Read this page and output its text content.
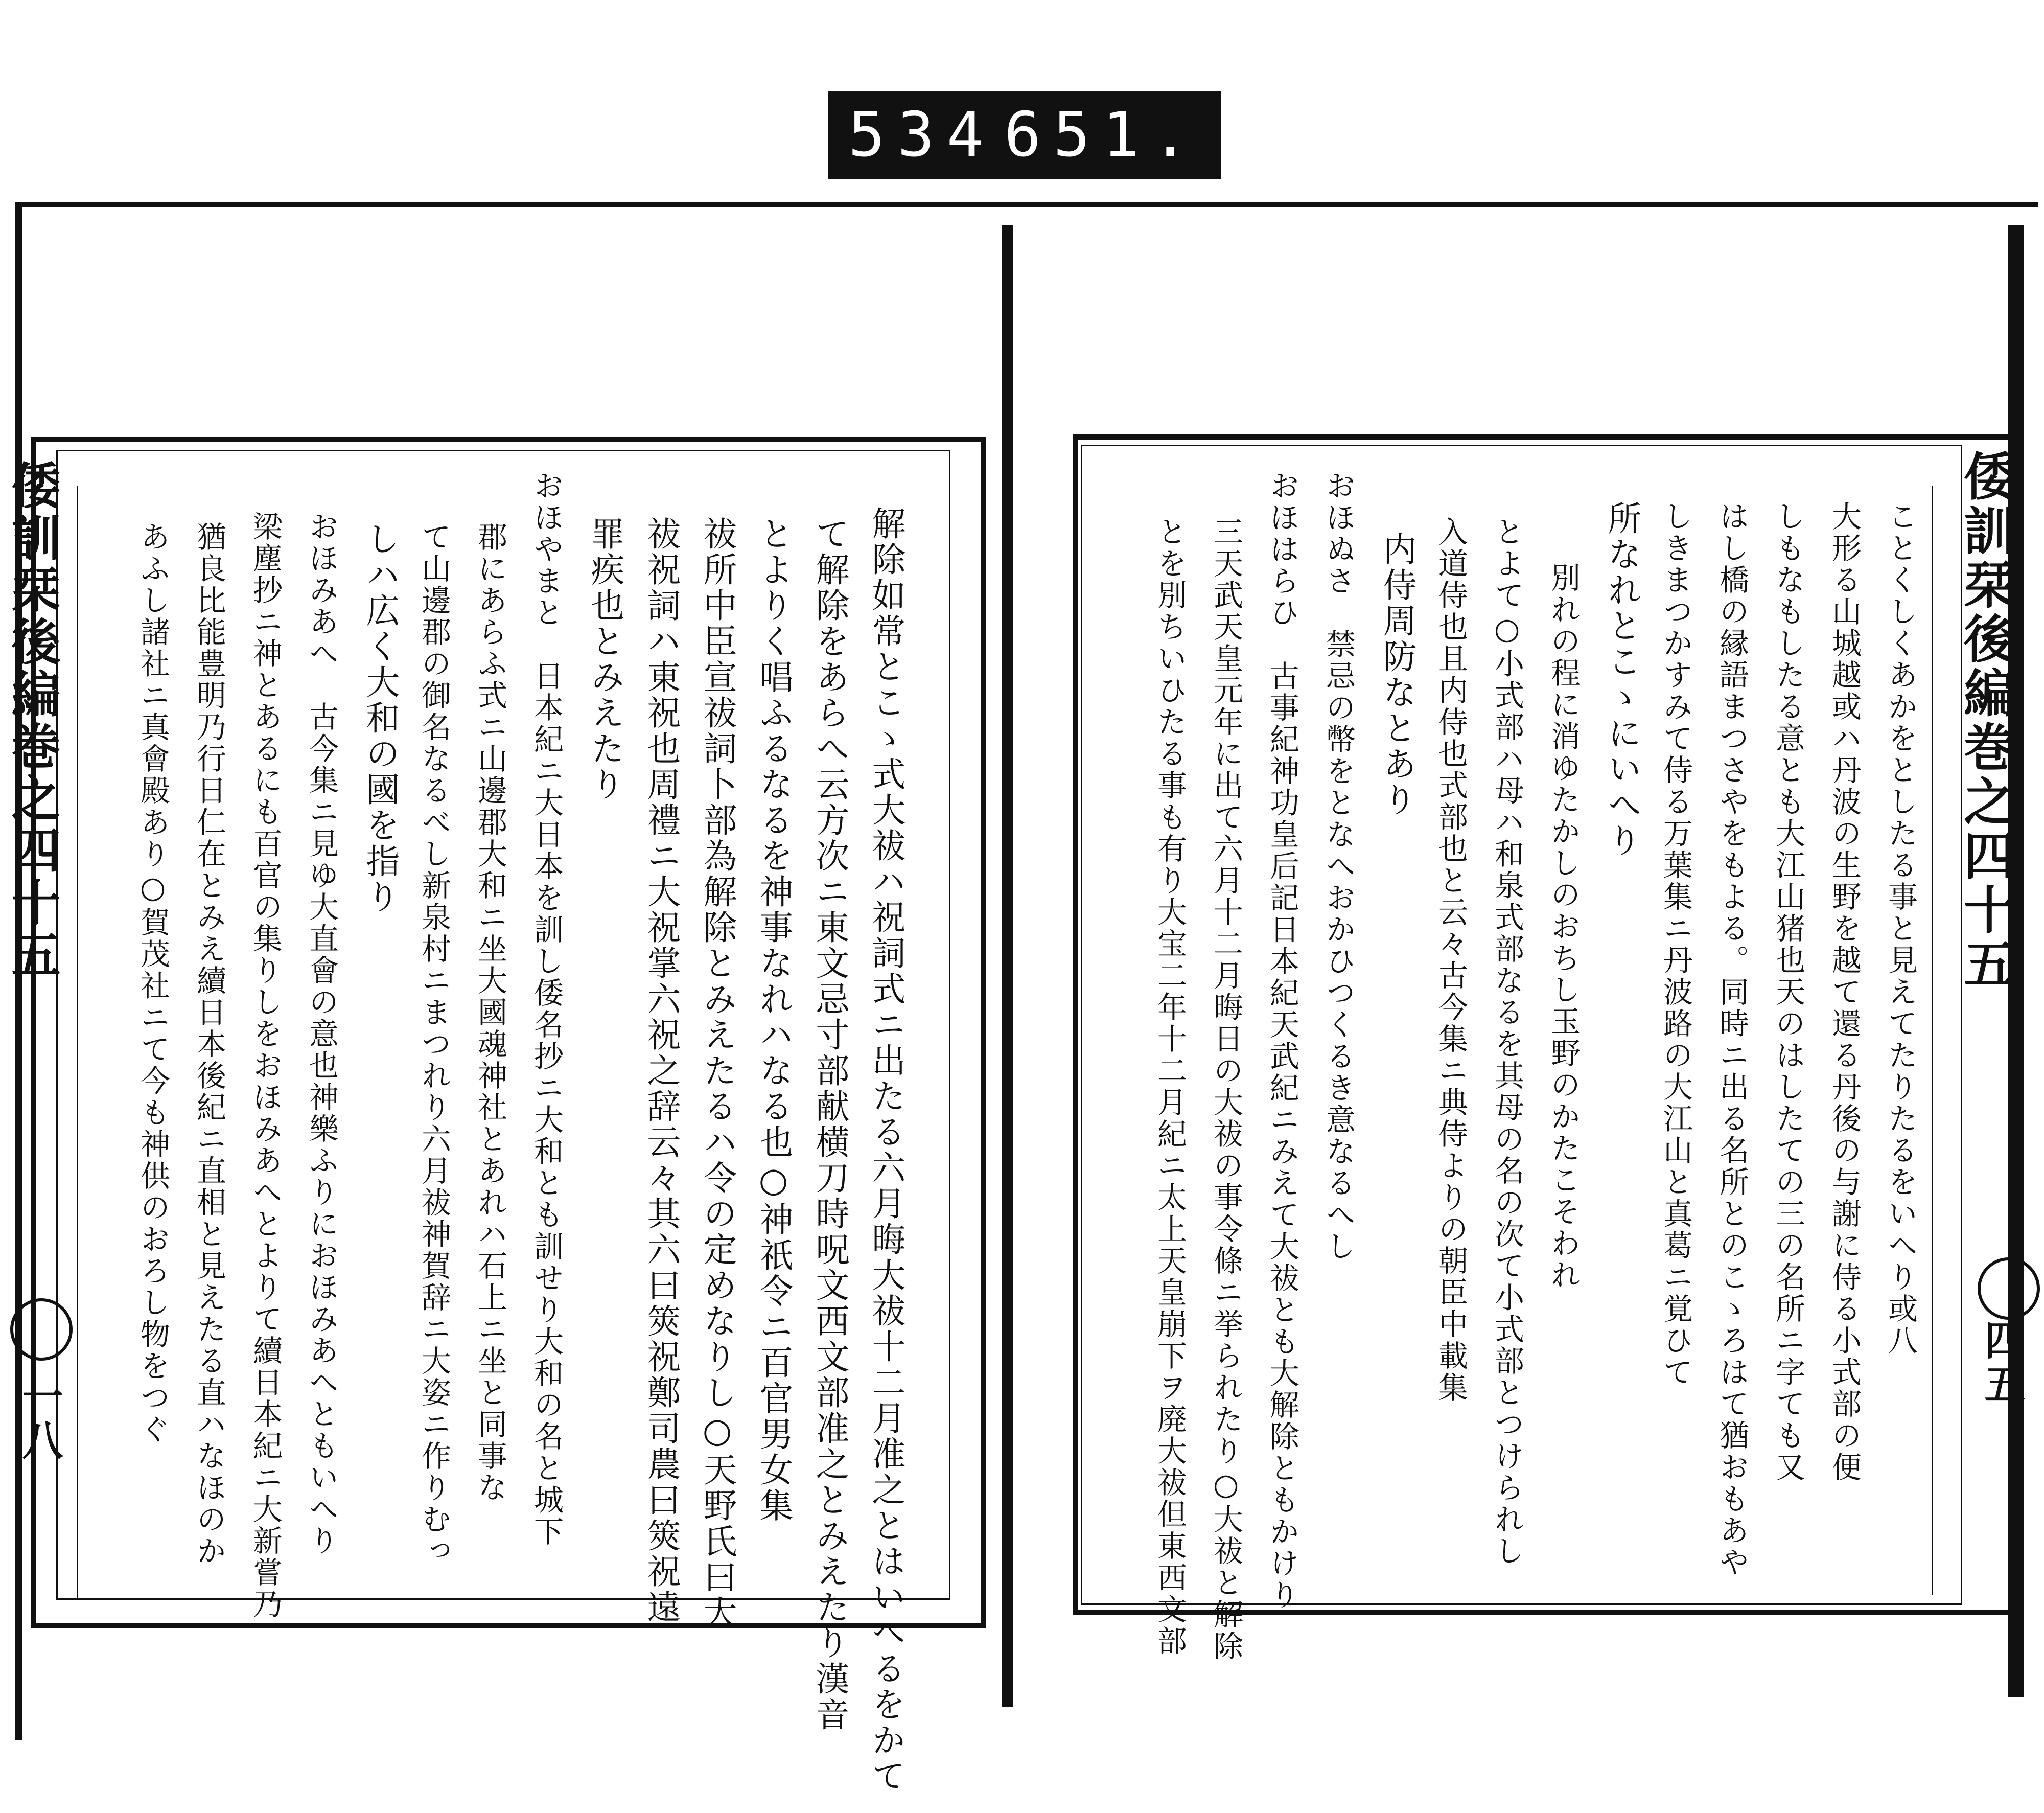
534 651.
倭訓栞後編巻之四十五
一八
倭訓栞後編巻之四十五
四五
解除如常とこゝ式大祓ハ祝詞式ニ出たる六月晦大祓十二月准之とはいへるをかて
て解除をあらへ云方次ニ東文忌寸部献横刀時呪文西文部准之とみえたり漢音
とよりく唱ふるなるを神事なれハなる也○神祇令ニ百官男女集
祓所中臣宣祓詞卜部為解除とみえたるハ令の定めなりし○天野氏曰大
祓祝詞ハ東祝也周禮ニ大祝掌六祝之辞云々其六曰筴祝鄭司農曰筴祝遠
罪疾也とみえたり
おほやまと　日本紀ニ大日本を訓し倭名抄ニ大和とも訓せり大和の名と城下
郡にあらふ式ニ山邊郡大和ニ坐大國魂神社とあれハ石上ニ坐と同事な
て山邊郡の御名なるべし新泉村ニまつれり六月祓神賀辞ニ大姿ニ作りむっ
しハ広く大和の國を指り
おほみあへ　古今集ニ見ゆ大直會の意也神樂ふりにおほみあへともいへり
梁塵抄ニ神とあるにも百官の集りしをおほみあへとよりて續日本紀ニ大新嘗乃
猶良比能豊明乃行日仁在とみえ續日本後紀ニ直相と見えたる直ハなほのか
あふし諸社ニ真會殿あり○賀茂社ニて今も神供のおろし物をつぐ	ことくしくあかをとしたる事と見えてたりたるをいへり或八
大形る山城越或ハ丹波の生野を越て還る丹後の与謝に侍る小式部の便
しもなもしたる意とも大江山猪也天のはしたての三の名所ニ字ても又
はし橋の縁語まつさやをもよる。同時ニ出る名所とのこゝろはて猶おもあや
しきまつかすみて侍る万葉集ニ丹波路の大江山と真葛ニ覚ひて
所なれとこゝにいへり
別れの程に消ゆたかしのおちし玉野のかたこそわれ
とよて○小式部ハ母ハ和泉式部なるを其母の名の次て小式部とつけられし
入道侍也且内侍也式部也と云々古今集ニ典侍よりの朝臣中載集
内侍周防なとあり
おほぬさ　禁忌の幣をとなへおかひつくるき意なるへし
おほはらひ　古事紀神功皇后記日本紀天武紀ニみえて大祓とも大解除ともかけり
三天武天皇元年に出て六月十二月晦日の大祓の事令條ニ挙られたり○大祓と解除
とを別ちいひたる事も有り大宝二年十二月紀ニ太上天皇崩下ヲ廃大祓但東西文部
